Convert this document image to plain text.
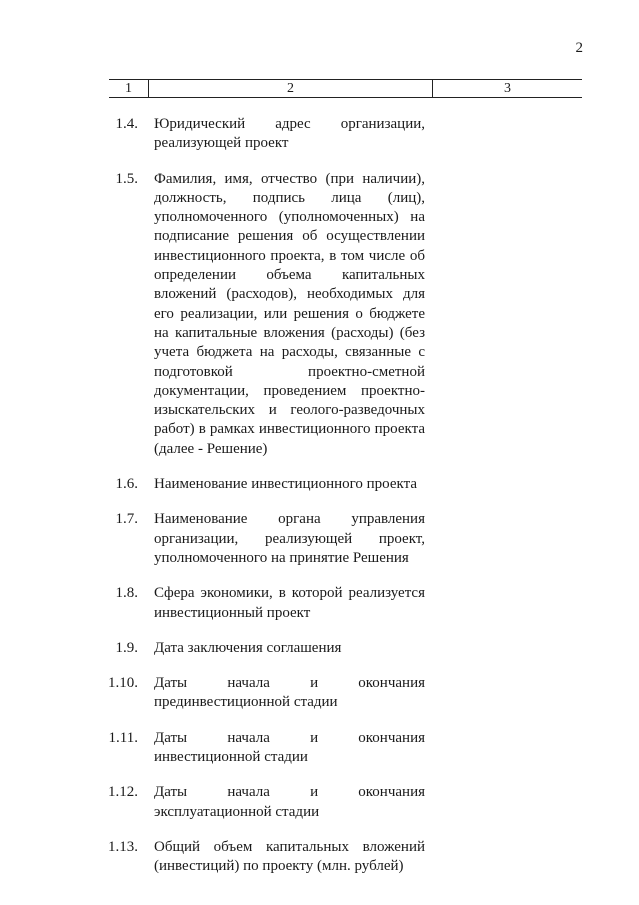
2
1	2	3
1.4. Юридический адрес организации, реализующей проект
1.5. Фамилия, имя, отчество (при наличии), должность, подпись лица (лиц), уполномоченного (уполномоченных) на подписание решения об осуществлении инвестиционного проекта, в том числе об определении объема капитальных вложений (расходов), необходимых для его реализации, или решения о бюджете на капитальные вложения (расходы) (без учета бюджета на расходы, связанные с подготовкой проектно-сметной документации, проведением проектно-изыскательских и геолого-разведочных работ) в рамках инвестиционного проекта (далее - Решение)
1.6. Наименование инвестиционного проекта
1.7. Наименование органа управления организации, реализующей проект, уполномоченного на принятие Решения
1.8. Сфера экономики, в которой реализуется инвестиционный проект
1.9. Дата заключения соглашения
1.10. Даты начала и окончания прединвестиционной стадии
1.11. Даты начала и окончания инвестиционной стадии
1.12. Даты начала и окончания эксплуатационной стадии
1.13. Общий объем капитальных вложений (инвестиций) по проекту (млн. рублей)
